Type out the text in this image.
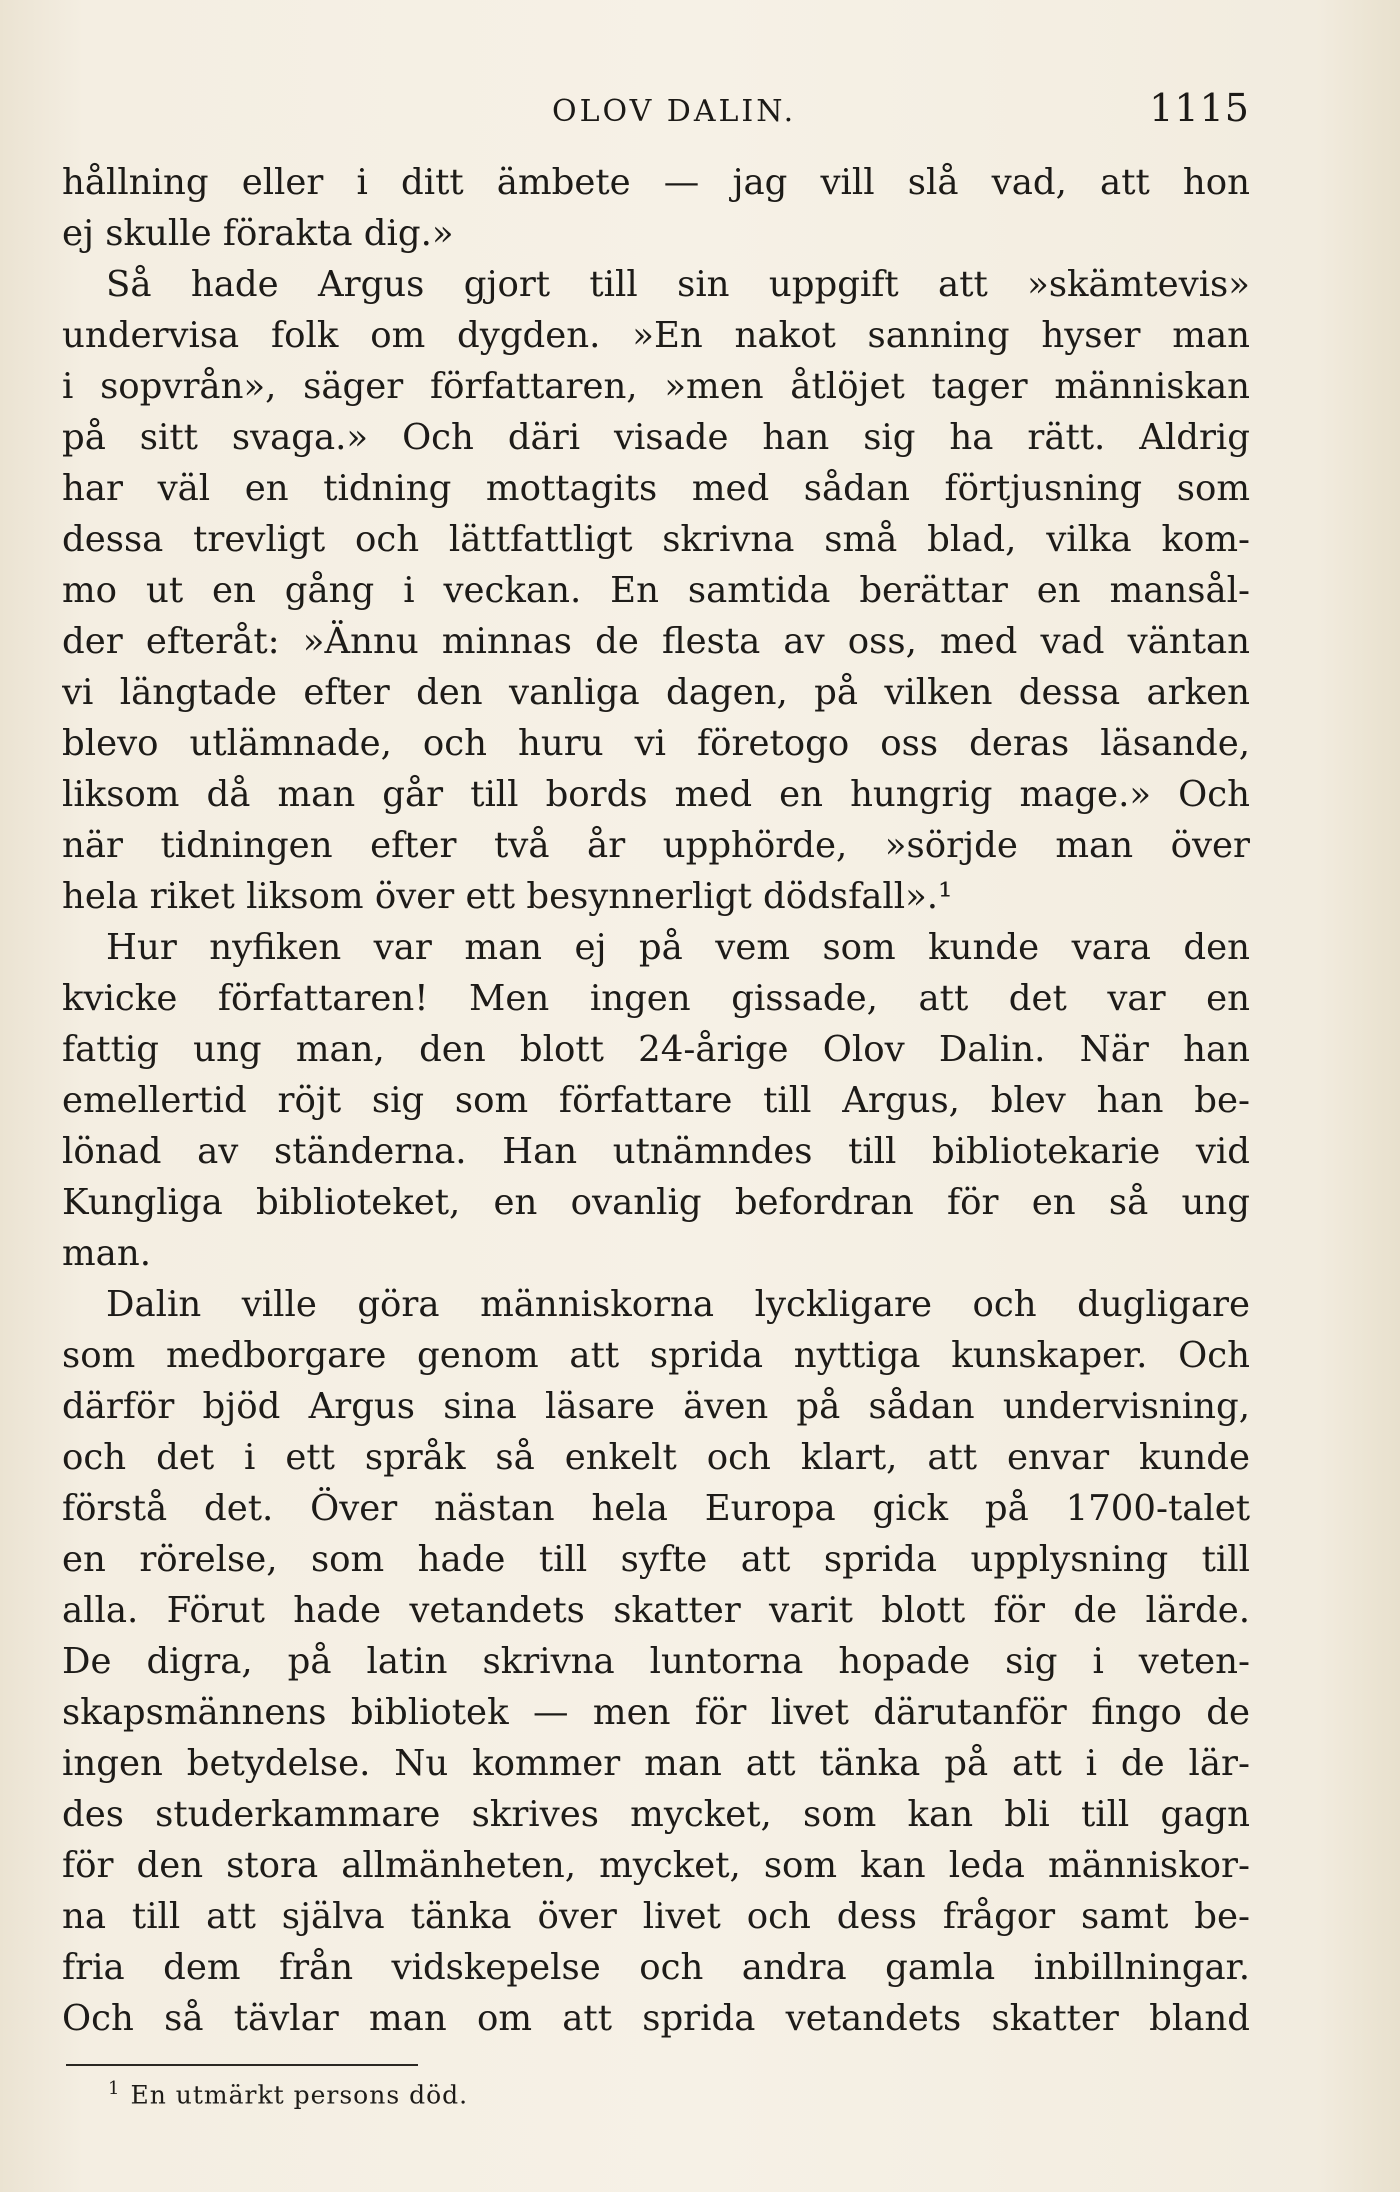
OLOV DALIN.	1115
hållning eller i ditt ämbete — jag vill slå vad, att hon
ej skulle förakta dig.»
Så hade Argus gjort till sin uppgift att »skämtevis»
undervisa folk om dygden. »En nakot sanning hyser man
i sopvrån», säger författaren, »men åtlöjet tager människan
på sitt svaga.» Och däri visade han sig ha rätt. Aldrig
har väl en tidning mottagits med sådan förtjusning som
dessa trevligt och lättfattligt skrivna små blad, vilka kom-
mo ut en gång i veckan. En samtida berättar en mansål-
der efteråt: »Ännu minnas de flesta av oss, med vad väntan
vi längtade efter den vanliga dagen, på vilken dessa arken
blevo utlämnade, och huru vi företogo oss deras läsande,
liksom då man går till bords med en hungrig mage.» Och
när tidningen efter två år upphörde, »sörjde man över
hela riket liksom över ett besynnerligt dödsfall».¹
Hur nyfiken var man ej på vem som kunde vara den
kvicke författaren! Men ingen gissade, att det var en
fattig ung man, den blott 24-årige Olov Dalin. När han
emellertid röjt sig som författare till Argus, blev han be-
lönad av ständerna. Han utnämndes till bibliotekarie vid
Kungliga biblioteket, en ovanlig befordran för en så ung
man.
Dalin ville göra människorna lyckligare och dugligare
som medborgare genom att sprida nyttiga kunskaper. Och
därför bjöd Argus sina läsare även på sådan undervisning,
och det i ett språk så enkelt och klart, att envar kunde
förstå det. Över nästan hela Europa gick på 1700-talet
en rörelse, som hade till syfte att sprida upplysning till
alla. Förut hade vetandets skatter varit blott för de lärde.
De digra, på latin skrivna luntorna hopade sig i veten-
skapsmännens bibliotek — men för livet därutanför fingo de
ingen betydelse. Nu kommer man att tänka på att i de lär-
des studerkammare skrives mycket, som kan bli till gagn
för den stora allmänheten, mycket, som kan leda människor-
na till att själva tänka över livet och dess frågor samt be-
fria dem från vidskepelse och andra gamla inbillningar.
Och så tävlar man om att sprida vetandets skatter bland
$^1$ En utmärkt persons död.
